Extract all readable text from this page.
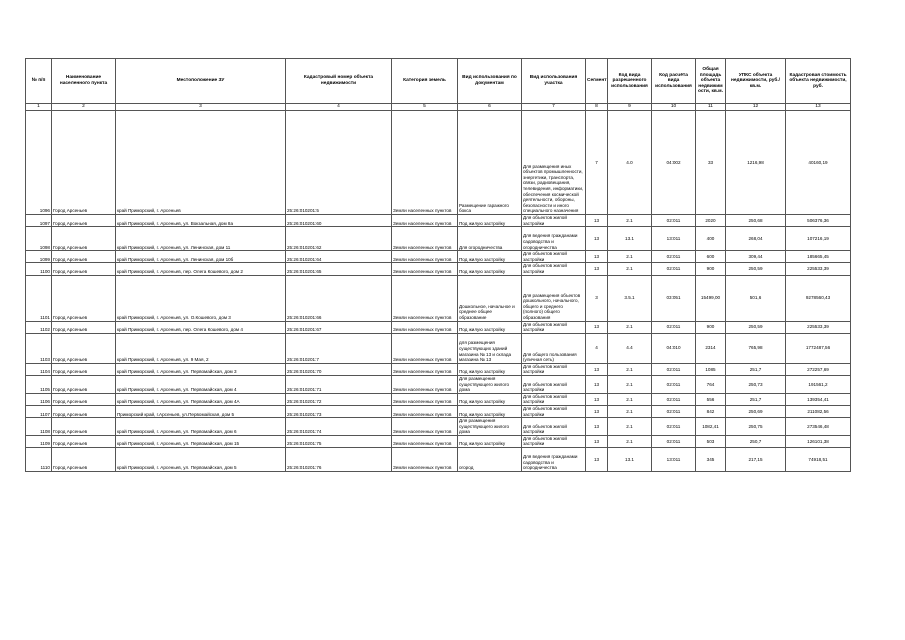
№ п/п	Наименование населенного пункта	Местоположение ЗУ	Кадастровый номер объекта недвижимости	Категория земель	Вид использования по документам	Вид использования участка	Сегмент	Код вида разрешенного использования	Код расчёта вида использования	Общая площадь объекта недвижим ости, кв.м.	УПКС объекта недвижимости, руб./кв.м.	Кадастровая стоимость объекта недвижимости, руб.
1	2	3	4	5	6	7	8	9	10	11	12	13
1096	Город Арсеньев	край Приморский, г. Арсеньев	25:26:010201:5	Земли населенных пунктов	Размещение гаражного бокса	Для размещения иных объектов промышленности, энергетики, транспорта, связи, радиовещания, телевидения, информатики, обеспечения космической деятельности, обороны, безопасности и иного специального назначения	7	4.0	04:002	33	1216,98	40160,19
1097	Город Арсеньев	край Приморский, г. Арсеньев, ул. Вокзальная, дом 8а	25:26:010201:60	Земли населенных пунктов	Под жилую застройку	Для объектов жилой застройки	13	2.1	02:011	2020	250,68	506376,36
1098	Город Арсеньев	край Приморский, г. Арсеньев, ул. Ленинская, дом 11	25:26:010201:62	Земли населенных пунктов	Для огородничества	Для ведения гражданами садоводства и огородничества	13	13.1	13:011	400	268,04	107216,19
1099	Город Арсеньев	край Приморский, г. Арсеньев, ул. Ленинская, дом 10б	25:26:010201:64	Земли населенных пунктов	Под жилую застройку	Для объектов жилой застройки	13	2.1	02:011	600	309,44	185665,45
1100	Город Арсеньев	край Приморский, г. Арсеньев, пер. Олега Кошевого, дом 2	25:26:010201:65	Земли населенных пунктов	Под жилую застройку	Для объектов жилой застройки	13	2.1	02:011	900	250,59	225533,39
1101	Город Арсеньев	край Приморский, г. Арсеньев, ул. О.Кошевого, дом 3	25:26:010201:66	Земли населенных пунктов	Дошкольное, начальное и среднее общее образование	Для размещения объектов дошкольного, начального, общего и среднего (полного) общего образования	3	3.5.1	03:051	15499,00	501,6	9278560,43
1102	Город Арсеньев	край Приморский, г. Арсеньев, пер. Олега Кошевого, дом 4	25:26:010201:67	Земли населенных пунктов	Под жилую застройку	Для объектов жилой застройки	13	2.1	02:011	900	250,59	225533,39
1103	Город Арсеньев	край Приморский, г. Арсеньев, ул. 9 Мая, 2	25:26:010201:7	Земли населенных пунктов	для размещения существующих зданий магазина № 13 и склада магазина № 13	Для общего пользования (уличная сеть)	4	4.4	04:010	2314	765,98	1772487,56
1104	Город Арсеньев	край Приморский, г. Арсеньев, ул. Первомайская, дом 3	25:26:010201:70	Земли населенных пунктов	Под жилую застройку	Для объектов жилой застройки	13	2.1	02:011	1085	251,7	272257,69
1105	Город Арсеньев	край Приморский, г. Арсеньев, ул. Первомайская, дом 4	25:26:010201:71	Земли населенных пунктов	Для размещения существующего жилого дома	Для объектов жилой застройки	13	2.1	02:011	764	250,73	191561,2
1106	Город Арсеньев	край Приморский, г. Арсеньев, ул. Первомайская, дом 4А	25:26:010201:72	Земли населенных пунктов	Под жилую застройку	Для объектов жилой застройки	13	2.1	02:011	556	251,7	139354,41
1107	Город Арсеньев	Приморский край, г.Арсеньев, ул.Первомайская, дом 5	25:26:010201:73	Земли населенных пунктов	Под жилую застройку	Для объектов жилой застройки	13	2.1	02:011	842	250,69	211082,56
1108	Город Арсеньев	край Приморский, г. Арсеньев, ул. Первомайская, дом 6	25:26:010201:74	Земли населенных пунктов	Для размещения существующего жилого дома	Для объектов жилой застройки	13	2.1	02:011	1082,41	250,75	273546,48
1109	Город Арсеньев	край Приморский, г. Арсеньев, ул. Первомайская, дом 15	25:26:010201:75	Земли населенных пунктов	Под жилую застройку	Для объектов жилой застройки	13	2.1	02:011	503	250,7	126101,38
1110	Город Арсеньев	край Приморский, г. Арсеньев, ул. Первомайская, дом 5	25:26:010201:76	Земли населенных пунктов	огород	Для ведения гражданами садоводства и огородничества	13	13.1	13:011	345	217,15	74918,51
